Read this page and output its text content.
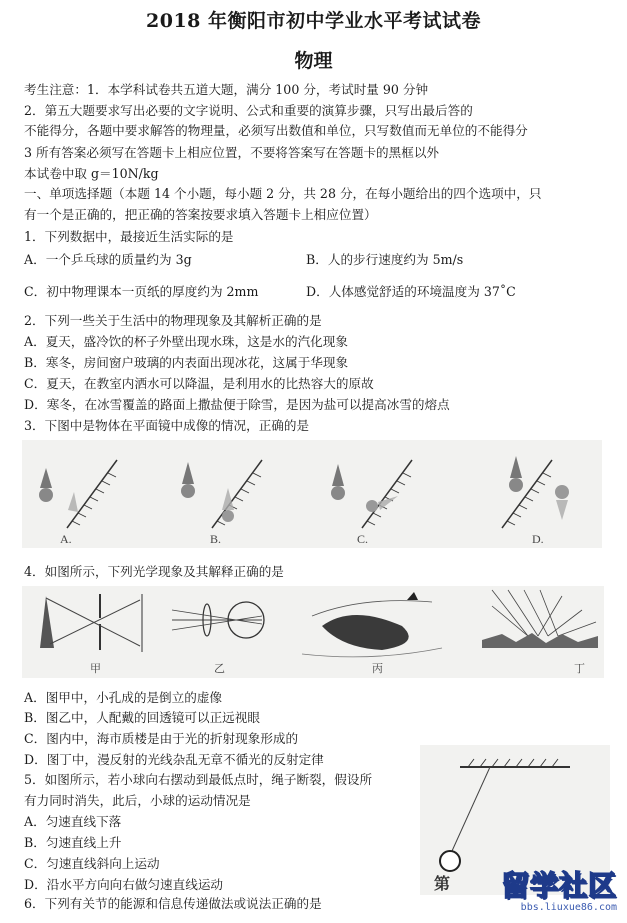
2018 年衡阳市初中学业水平考试试卷
物理
考生注意：1．本学科试卷共五道大题，满分 100 分，考试时量 90 分钟
2．第五大题要求写出必要的文字说明、公式和重要的演算步骤，只写出最后答的
不能得分，各题中要求解答的物理量，必须写出数值和单位，只写数值而无单位的不能得分
3 所有答案必须写在答题卡上相应位置，不要将答案写在答题卡的黑框以外
本试卷中取 g＝10N/kg
一、单项选择题（本题 14 个小题，每小题 2 分，共 28 分，在每小题给出的四个选项中，只
有一个是正确的，把正确的答案按要求填入答题卡上相应位置）
1．下列数据中，最接近生活实际的是
A．一个乒乓球的质量约为 3g	B．人的步行速度约为 5m/s
C．初中物理课本一页纸的厚度约为 2mm	D．人体感觉舒适的环境温度为 37˚C
2．下列一些关于生活中的物理现象及其解析正确的是
A．夏天，盛冷饮的杯子外壁出现水珠，这是水的汽化现象
B．寒冬，房间窗户玻璃的内表面出现冰花，这属于华现象
C．夏天，在教室内洒水可以降温，是利用水的比热容大的原故
D．寒冬，在冰雪覆盖的路面上撒盐便于除雪，是因为盐可以提高冰雪的熔点
3．下图中是物体在平面镜中成像的情况，正确的是
A.	B.	C.	D.
4．如图所示，下列光学现象及其解释正确的是
甲	乙	丙	丁
A．图甲中，小孔成的是倒立的虚像
B．图乙中，人配戴的回透镜可以正远视眼
C．图内中，海市质楼是由于光的折射现象形成的
D．图丁中，漫反射的光线杂乱无章不循光的反射定律
5．如图所示，若小球向右摆动到最低点时，绳子断裂，假设所
有力同时消失，此后，小球的运动情况是
A．匀速直线下落
B．匀速直线上升
C．匀速直线斜向上运动
D．沿水平方向向右做匀速直线运动	第
6．下列有关节的能源和信息传递做法或说法正确的是
留学社区
bbs.liuxue86.com
